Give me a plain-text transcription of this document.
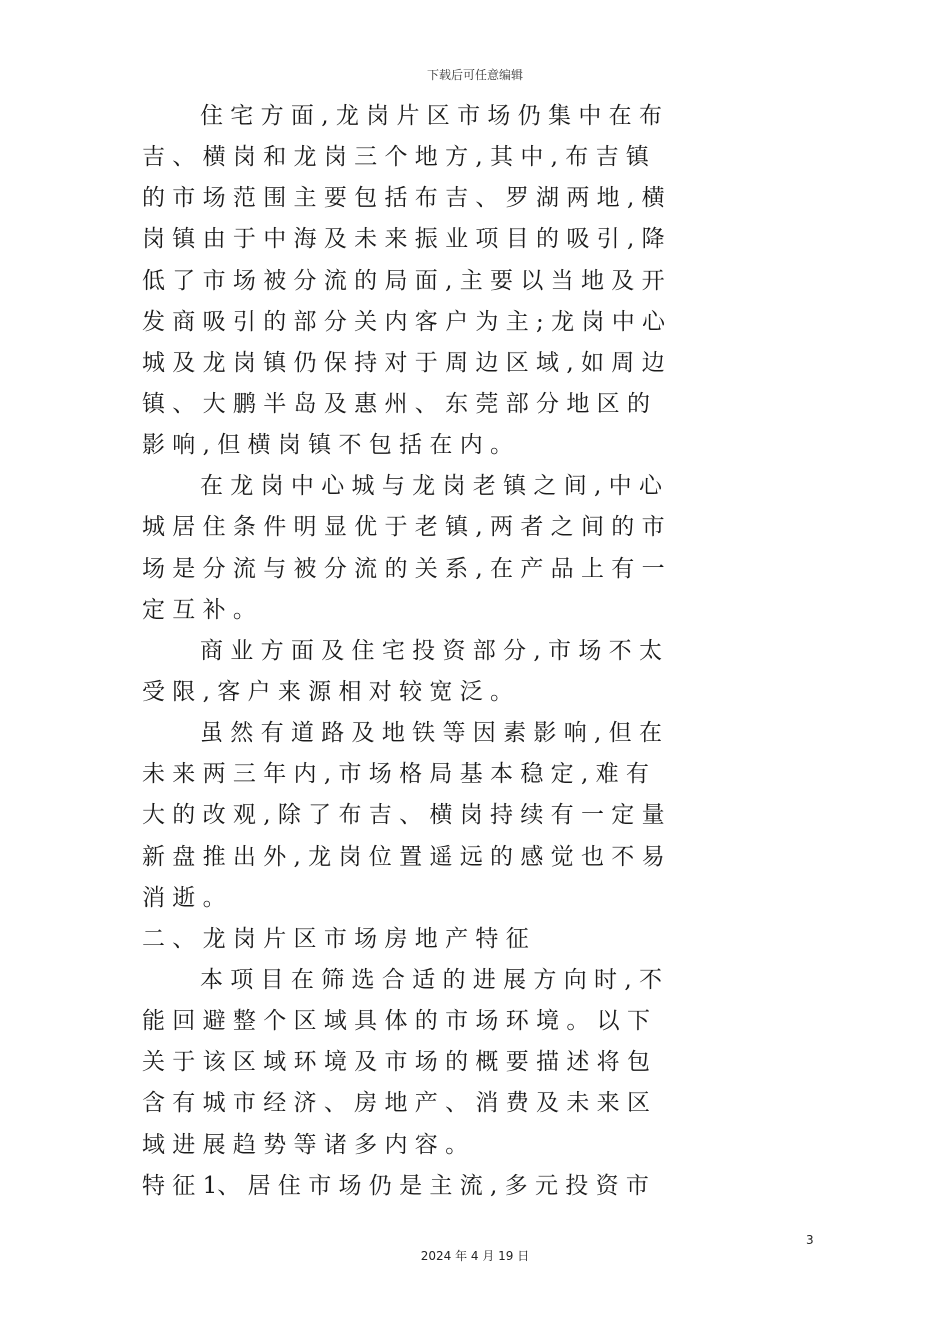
下载后可任意编辑
住 宅 方 面 , 龙 岗 片 区 市 场 仍 集 中 在 布
吉 、 横 岗 和 龙 岗 三 个 地 方 , 其 中 , 布 吉 镇
的 市 场 范 围 主 要 包 括 布 吉 、 罗 湖 两 地 , 横
岗 镇 由 于 中 海 及 未 来 振 业 项 目 的 吸 引 , 降
低 了 市 场 被 分 流 的 局 面 , 主 要 以 当 地 及 开
发 商 吸 引 的 部 分 关 内 客 户 为 主 ; 龙 岗 中 心
城 及 龙 岗 镇 仍 保 持 对 于 周 边 区 域 , 如 周 边
镇 、 大 鹏 半 岛 及 惠 州 、 东 莞 部 分 地 区 的
影 响 , 但 横 岗 镇 不 包 括 在 内 。
在 龙 岗 中 心 城 与 龙 岗 老 镇 之 间 , 中 心
城 居 住 条 件 明 显 优 于 老 镇 , 两 者 之 间 的 市
场 是 分 流 与 被 分 流 的 关 系 , 在 产 品 上 有 一
定 互 补 。
商 业 方 面 及 住 宅 投 资 部 分 , 市 场 不 太
受 限 , 客 户 来 源 相 对 较 宽 泛 。
虽 然 有 道 路 及 地 铁 等 因 素 影 响 , 但 在
未 来 两 三 年 内 , 市 场 格 局 基 本 稳 定 , 难 有
大 的 改 观 , 除 了 布 吉 、 横 岗 持 续 有 一 定 量
新 盘 推 出 外 , 龙 岗 位 置 遥 远 的 感 觉 也 不 易
消 逝 。
二 、 龙 岗 片 区 市 场 房 地 产 特 征
本 项 目 在 筛 选 合 适 的 进 展 方 向 时 , 不
能 回 避 整 个 区 域 具 体 的 市 场 环 境 。 以 下
关 于 该 区 域 环 境 及 市 场 的 概 要 描 述 将 包
含 有 城 市 经 济 、 房 地 产 、 消 费 及 未 来 区
域 进 展 趋 势 等 诸 多 内 容 。
特 征 1、 居 住 市 场 仍 是 主 流 , 多 元 投 资 市
3
2024 年 4 月 19 日
